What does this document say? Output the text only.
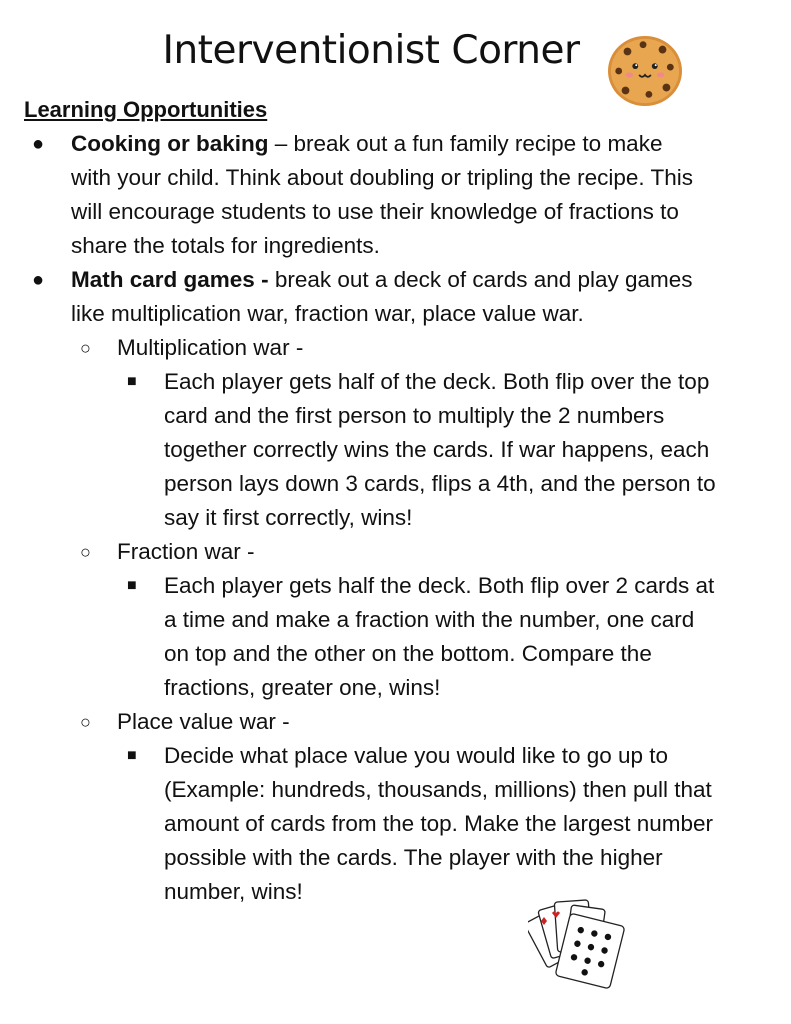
Interventionist Corner
Learning Opportunities
● Cooking or baking – break out a fun family recipe to make
with your child. Think about doubling or tripling the recipe. This
will encourage students to use their knowledge of fractions to
share the totals for ingredients.
● Math card games - break out a deck of cards and play games
like multiplication war, fraction war, place value war.
○ Multiplication war -
■ Each player gets half of the deck. Both flip over the top
card and the first person to multiply the 2 numbers
together correctly wins the cards. If war happens, each
person lays down 3 cards, flips a 4th, and the person to
say it first correctly, wins!
○ Fraction war -
■ Each player gets half the deck. Both flip over 2 cards at
a time and make a fraction with the number, one card
on top and the other on the bottom. Compare the
fractions, greater one, wins!
○ Place value war -
■ Decide what place value you would like to go up to
(Example: hundreds, thousands, millions) then pull that
amount of cards from the top. Make the largest number
possible with the cards. The player with the higher
number, wins!
